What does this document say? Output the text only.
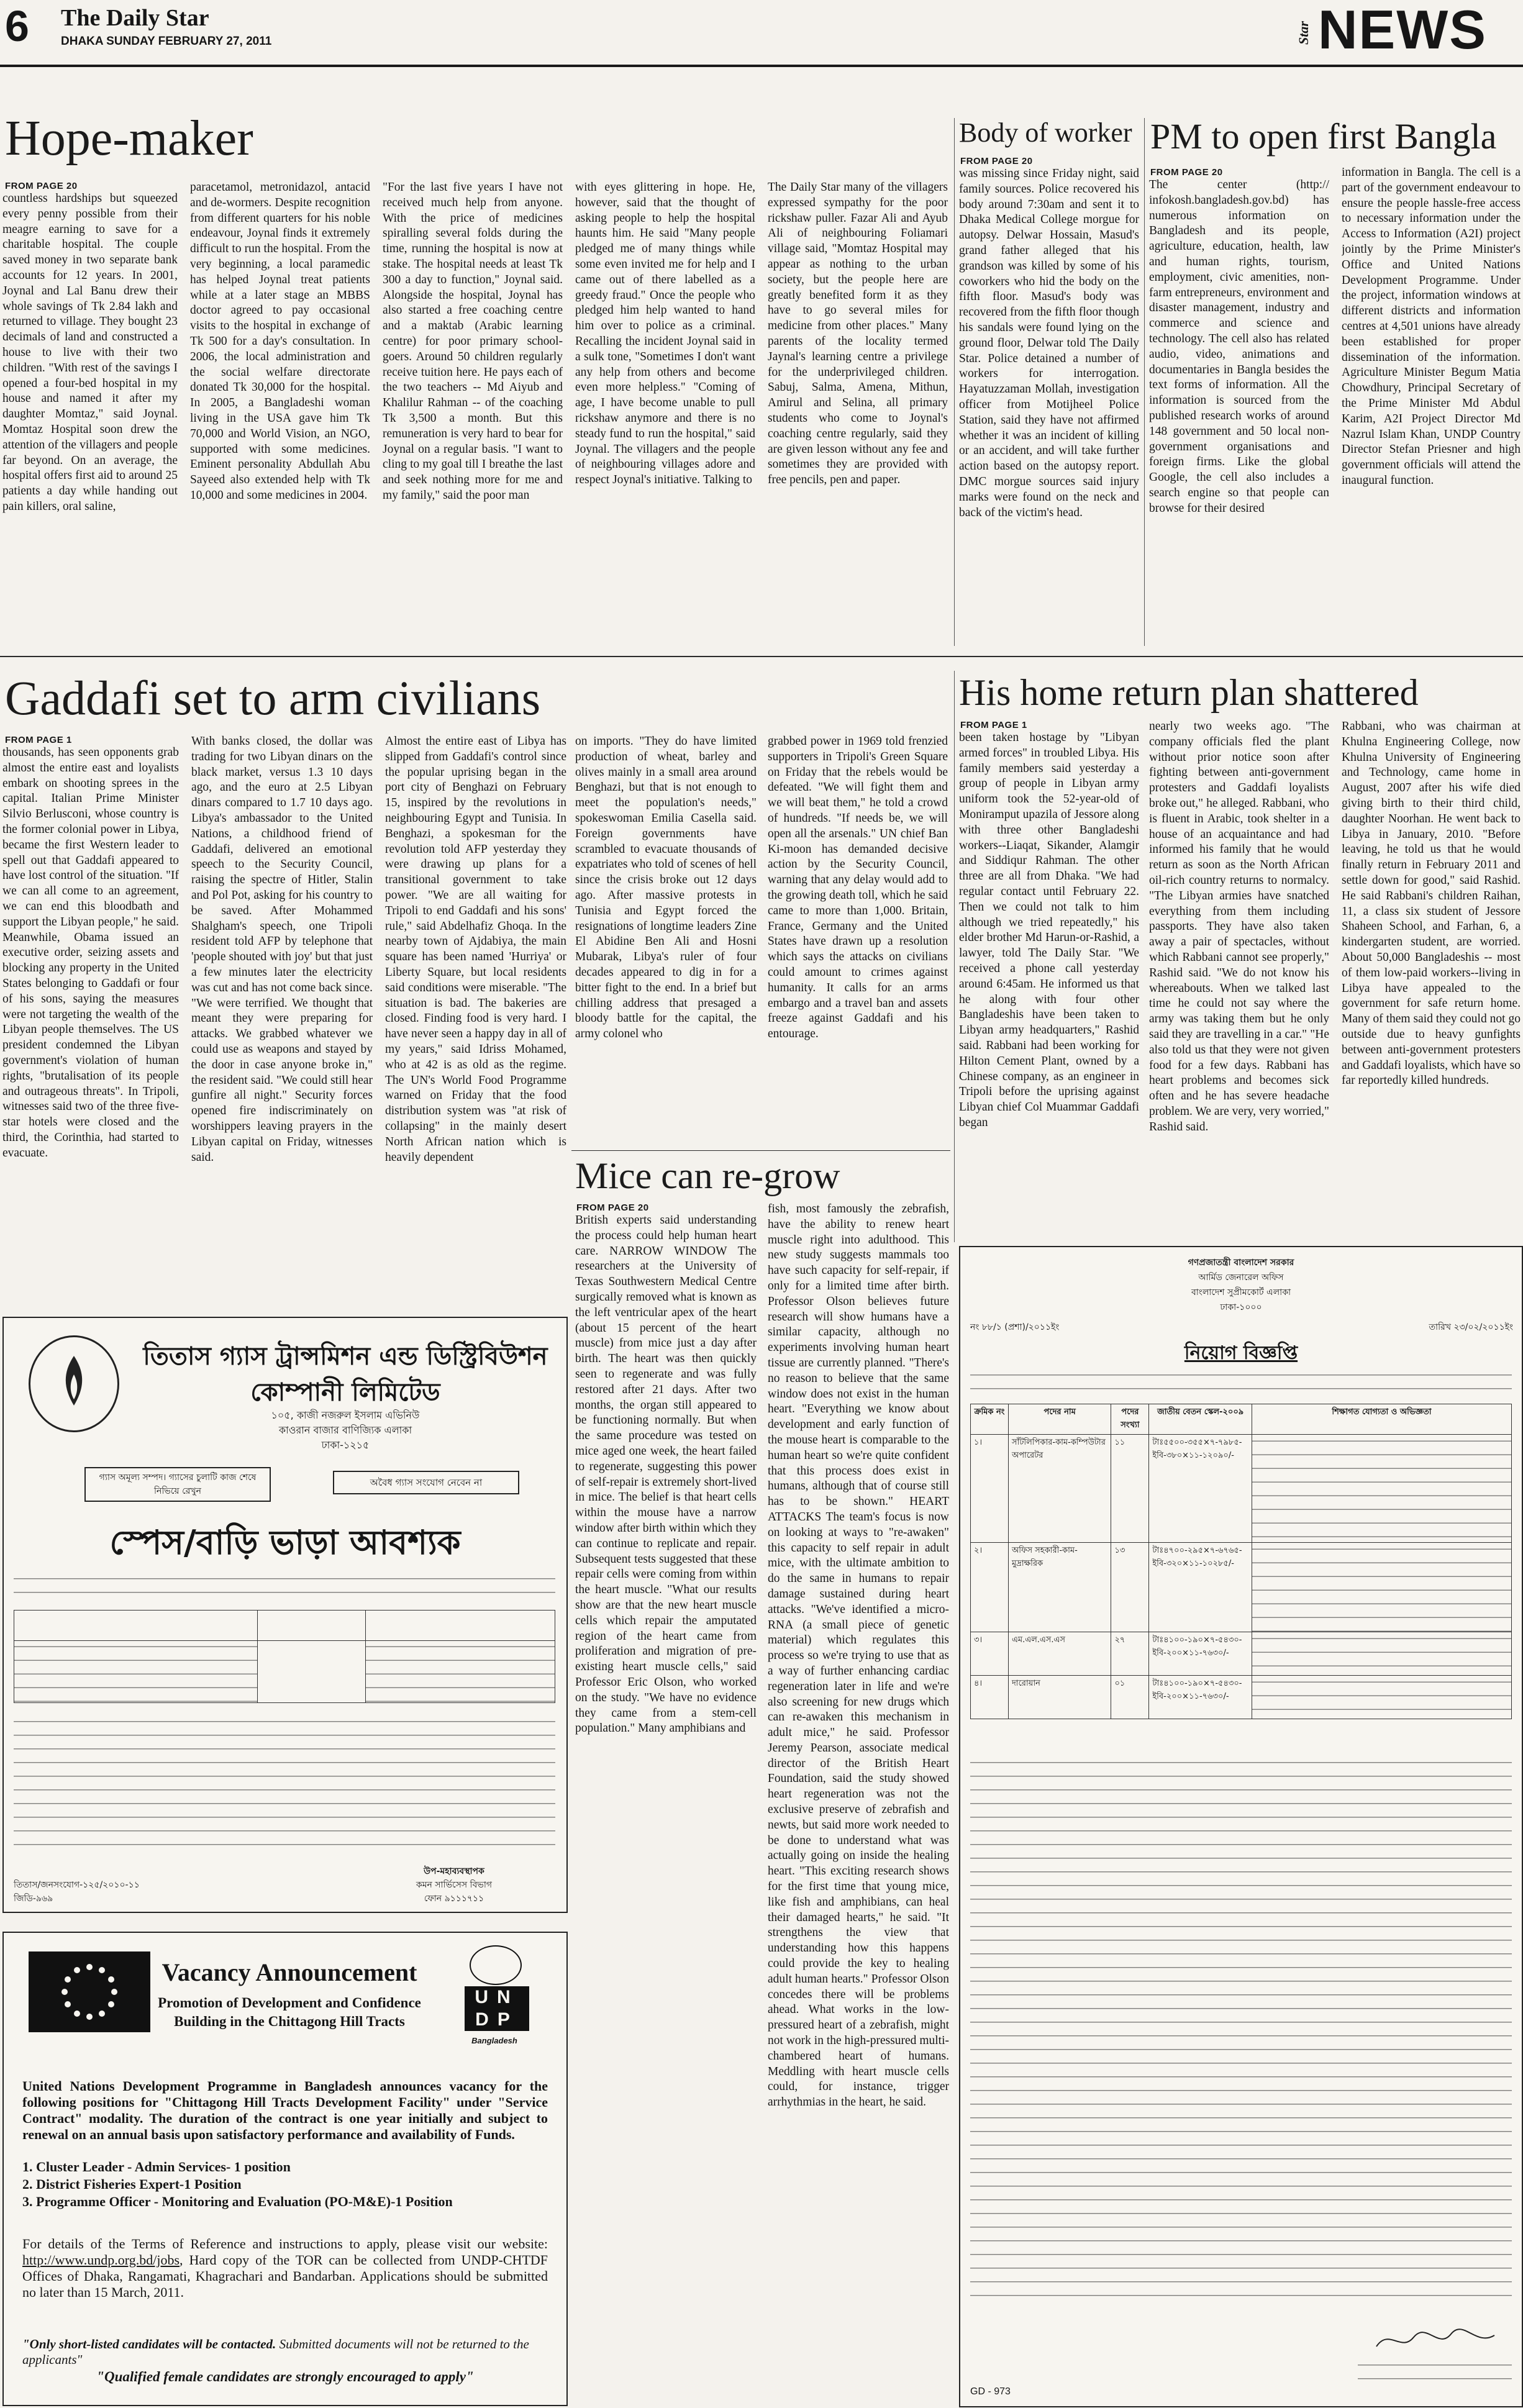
6 The Daily Star
DHAKA SUNDAY FEBRUARY 27, 2011	Star NEWS
Hope-maker
FROM PAGE 20
countless hardships but squeezed every penny possible from their meagre earning to save for a charitable hospital. The couple saved money in two separate bank accounts for 12 years. In 2001, Joynal and Lal Banu drew their whole savings of Tk 2.84 lakh and returned to village. They bought 23 decimals of land and constructed a house to live with their two children. "With rest of the savings I opened a four-bed hospital in my house and named it after my daughter Momtaz," said Joynal. Momtaz Hospital soon drew the attention of the villagers and people far beyond. On an average, the hospital offers first aid to around 25 patients a day while handing out pain killers, oral saline,
paracetamol, metronidazol, antacid and de-wormers. Despite recognition from different quarters for his noble endeavour, Joynal finds it extremely difficult to run the hospital. From the very beginning, a local paramedic has helped Joynal treat patients while at a later stage an MBBS doctor agreed to pay occasional visits to the hospital in exchange of Tk 500 for a day's consultation. In 2006, the local administration and the social welfare directorate donated Tk 30,000 for the hospital. In 2005, a Bangladeshi woman living in the USA gave him Tk 70,000 and World Vision, an NGO, supported with some medicines. Eminent personality Abdullah Abu Sayeed also extended help with Tk 10,000 and some medicines in 2004.
"For the last five years I have not received much help from anyone. With the price of medicines spiralling several folds during the time, running the hospital is now at stake. The hospital needs at least Tk 300 a day to function," Joynal said. Alongside the hospital, Joynal has also started a free coaching centre and a maktab (Arabic learning centre) for poor primary school-goers. Around 50 children regularly receive tuition here. He pays each of the two teachers -- Md Aiyub and Khalilur Rahman -- of the coaching Tk 3,500 a month. But this remuneration is very hard to bear for Joynal on a regular basis. "I want to cling to my goal till I breathe the last and seek nothing more for me and my family," said the poor man
with eyes glittering in hope. He, however, said that the thought of asking people to help the hospital haunts him. He said "Many people pledged me of many things while some even invited me for help and I came out of there labelled as a greedy fraud." Once the people who pledged him help wanted to hand him over to police as a criminal. Recalling the incident Joynal said in a sulk tone, "Sometimes I don't want any help from others and become even more helpless." "Coming of age, I have become unable to pull rickshaw anymore and there is no steady fund to run the hospital," said Joynal. The villagers and the people of neighbouring villages adore and respect Joynal's initiative. Talking to
The Daily Star many of the villagers expressed sympathy for the poor rickshaw puller. Fazar Ali and Ayub Ali of neighbouring Foliamari village said, "Momtaz Hospital may appear as nothing to the urban society, but the people here are greatly benefited form it as they have to go several miles for medicine from other places." Many parents of the locality termed Jaynal's learning centre a privilege for the underprivileged children. Sabuj, Salma, Amena, Mithun, Amirul and Selina, all primary students who come to Joynal's coaching centre regularly, said they are given lesson without any fee and sometimes they are provided with free pencils, pen and paper.
Body of worker
FROM PAGE 20
was missing since Friday night, said family sources. Police recovered his body around 7:30am and sent it to Dhaka Medical College morgue for autopsy. Delwar Hossain, Masud's grand father alleged that his grandson was killed by some of his coworkers who hid the body on the fifth floor. Masud's body was recovered from the fifth floor though his sandals were found lying on the ground floor, Delwar told The Daily Star. Police detained a number of workers for interrogation. Hayatuzzaman Mollah, investigation officer from Motijheel Police Station, said they have not affirmed whether it was an incident of killing or an accident, and will take further action based on the autopsy report. DMC morgue sources said injury marks were found on the neck and back of the victim's head.
PM to open first Bangla
FROM PAGE 20
The center (http:// infokosh.bangladesh.gov.bd) has numerous information on Bangladesh and its people, agriculture, education, health, law and human rights, tourism, employment, civic amenities, non-farm entrepreneurs, environment and disaster management, industry and commerce and science and technology. The cell also has related audio, video, animations and documentaries in Bangla besides the text forms of information. All the information is sourced from the published research works of around 148 government and 50 local non-government organisations and foreign firms. Like the global Google, the cell also includes a search engine so that people can browse for their desired
information in Bangla. The cell is a part of the government endeavour to ensure the people hassle-free access to necessary information under the Access to Information (A2I) project jointly by the Prime Minister's Office and United Nations Development Programme. Under the project, information windows at different districts and information centres at 4,501 unions have already been established for proper dissemination of the information. Agriculture Minister Begum Matia Chowdhury, Principal Secretary of the Prime Minister Md Abdul Karim, A2I Project Director Md Nazrul Islam Khan, UNDP Country Director Stefan Priesner and high government officials will attend the inaugural function.
Gaddafi set to arm civilians
FROM PAGE 1
thousands, has seen opponents grab almost the entire east and loyalists embark on shooting sprees in the capital. Italian Prime Minister Silvio Berlusconi, whose country is the former colonial power in Libya, became the first Western leader to spell out that Gaddafi appeared to have lost control of the situation. "If we can all come to an agreement, we can end this bloodbath and support the Libyan people," he said. Meanwhile, Obama issued an executive order, seizing assets and blocking any property in the United States belonging to Gaddafi or four of his sons, saying the measures were not targeting the wealth of the Libyan people themselves. The US president condemned the Libyan government's violation of human rights, "brutalisation of its people and outrageous threats". In Tripoli, witnesses said two of the three five-star hotels were closed and the third, the Corinthia, had started to evacuate.
With banks closed, the dollar was trading for two Libyan dinars on the black market, versus 1.3 10 days ago, and the euro at 2.5 Libyan dinars compared to 1.7 10 days ago. Libya's ambassador to the United Nations, a childhood friend of Gaddafi, delivered an emotional speech to the Security Council, raising the spectre of Hitler, Stalin and Pol Pot, asking for his country to be saved. After Mohammed Shalgham's speech, one Tripoli resident told AFP by telephone that 'people shouted with joy' but that just a few minutes later the electricity was cut and has not come back since. "We were terrified. We thought that meant they were preparing for attacks. We grabbed whatever we could use as weapons and stayed by the door in case anyone broke in," the resident said. "We could still hear gunfire all night." Security forces opened fire indiscriminately on worshippers leaving prayers in the Libyan capital on Friday, witnesses said.
Almost the entire east of Libya has slipped from Gaddafi's control since the popular uprising began in the port city of Benghazi on February 15, inspired by the revolutions in neighbouring Egypt and Tunisia. In Benghazi, a spokesman for the revolution told AFP yesterday they were drawing up plans for a transitional government to take power. "We are all waiting for Tripoli to end Gaddafi and his sons' rule," said Abdelhafiz Ghoqa. In the nearby town of Ajdabiya, the main square has been named 'Hurriya' or Liberty Square, but local residents said conditions were miserable. "The situation is bad. The bakeries are closed. Finding food is very hard. I have never seen a happy day in all of my years," said Idriss Mohamed, who at 42 is as old as the regime. The UN's World Food Programme warned on Friday that the food distribution system was "at risk of collapsing" in the mainly desert North African nation which is heavily dependent
on imports. "They do have limited production of wheat, barley and olives mainly in a small area around Benghazi, but that is not enough to meet the population's needs," spokeswoman Emilia Casella said. Foreign governments have scrambled to evacuate thousands of expatriates who told of scenes of hell since the crisis broke out 12 days ago. After massive protests in Tunisia and Egypt forced the resignations of longtime leaders Zine El Abidine Ben Ali and Hosni Mubarak, Libya's ruler of four decades appeared to dig in for a bitter fight to the end. In a brief but chilling address that presaged a bloody battle for the capital, the army colonel who
grabbed power in 1969 told frenzied supporters in Tripoli's Green Square on Friday that the rebels would be defeated. "We will fight them and we will beat them," he told a crowd of hundreds. "If needs be, we will open all the arsenals." UN chief Ban Ki-moon has demanded decisive action by the Security Council, warning that any delay would add to the growing death toll, which he said came to more than 1,000. Britain, France, Germany and the United States have drawn up a resolution which says the attacks on civilians could amount to crimes against humanity. It calls for an arms embargo and a travel ban and assets freeze against Gaddafi and his entourage.
His home return plan shattered
FROM PAGE 1
been taken hostage by "Libyan armed forces" in troubled Libya. His family members said yesterday a group of people in Libyan army uniform took the 52-year-old of Moniramput upazila of Jessore along with three other Bangladeshi workers--Liaqat, Sikander, Alamgir and Siddiqur Rahman. The other three are all from Dhaka. "We had regular contact until February 22. Then we could not talk to him although we tried repeatedly," his elder brother Md Harun-or-Rashid, a lawyer, told The Daily Star. "We received a phone call yesterday around 6:45am. He informed us that he along with four other Bangladeshis have been taken to Libyan army headquarters," Rashid said. Rabbani had been working for Hilton Cement Plant, owned by a Chinese company, as an engineer in Tripoli before the uprising against Libyan chief Col Muammar Gaddafi began
nearly two weeks ago. "The company officials fled the plant without prior notice soon after fighting between anti-government protesters and Gaddafi loyalists broke out," he alleged. Rabbani, who is fluent in Arabic, took shelter in a house of an acquaintance and had informed his family that he would return as soon as the North African oil-rich country returns to normalcy. "The Libyan armies have snatched everything from them including passports. They have also taken away a pair of spectacles, without which Rabbani cannot see properly," Rashid said. "We do not know his whereabouts. When we talked last time he could not say where the army was taking them but he only said they are travelling in a car." "He also told us that they were not given food for a few days. Rabbani has heart problems and becomes sick often and he has severe headache problem. We are very, very worried," Rashid said.
Rabbani, who was chairman at Khulna Engineering College, now Khulna University of Engineering and Technology, came home in August, 2007 after his wife died giving birth to their third child, daughter Noorhan. He went back to Libya in January, 2010. "Before leaving, he told us that he would finally return in February 2011 and settle down for good," said Rashid. He said Rabbani's children Raihan, 11, a class six student of Jessore Shaheen School, and Farhan, 6, a kindergarten student, are worried. About 50,000 Bangladeshis -- most of them low-paid workers--living in Libya have appealed to the government for safe return home. Many of them said they could not go outside due to heavy gunfights between anti-government protesters and Gaddafi loyalists, which have so far reportedly killed hundreds.
Mice can re-grow
FROM PAGE 20
British experts said understanding the process could help human heart care. NARROW WINDOW The researchers at the University of Texas Southwestern Medical Centre surgically removed what is known as the left ventricular apex of the heart (about 15 percent of the heart muscle) from mice just a day after birth. The heart was then quickly seen to regenerate and was fully restored after 21 days. After two months, the organ still appeared to be functioning normally. But when the same procedure was tested on mice aged one week, the heart failed to regenerate, suggesting this power of self-repair is extremely short-lived in mice. The belief is that heart cells within the mouse have a narrow window after birth within which they can continue to replicate and repair. Subsequent tests suggested that these repair cells were coming from within the heart muscle. "What our results show are that the new heart muscle cells which repair the amputated region of the heart came from proliferation and migration of pre-existing heart muscle cells," said Professor Eric Olson, who worked on the study. "We have no evidence they came from a stem-cell population." Many amphibians and
fish, most famously the zebrafish, have the ability to renew heart muscle right into adulthood. This new study suggests mammals too have such capacity for self-repair, if only for a limited time after birth. Professor Olson believes future research will show humans have a similar capacity, although no experiments involving human heart tissue are currently planned. "There's no reason to believe that the same window does not exist in the human heart. "Everything we know about development and early function of the mouse heart is comparable to the human heart so we're quite confident that this process does exist in humans, although that of course still has to be shown." HEART ATTACKS The team's focus is now on looking at ways to "re-awaken" this capacity to self repair in adult mice, with the ultimate ambition to do the same in humans to repair damage sustained during heart attacks. "We've identified a micro-RNA (a small piece of genetic material) which regulates this process so we're trying to use that as a way of further enhancing cardiac regeneration later in life and we're also screening for new drugs which can re-awaken this mechanism in adult mice," he said. Professor Jeremy Pearson, associate medical director of the British Heart Foundation, said the study showed heart regeneration was not the exclusive preserve of zebrafish and newts, but said more work needed to be done to understand what was actually going on inside the healing heart. "This exciting research shows for the first time that young mice, like fish and amphibians, can heal their damaged hearts," he said. "It strengthens the view that understanding how this happens could provide the key to healing adult human hearts." Professor Olson concedes there will be problems ahead. What works in the low-pressured heart of a zebrafish, might not work in the high-pressured multi-chambered heart of humans. Meddling with heart muscle cells could, for instance, trigger arrhythmias in the heart, he said.
তিতাস গ্যাস ট্রান্সমিশন এন্ড ডিস্ট্রিবিউশন
কোম্পানী লিমিটেড
১০৫, কাজী নজরুল ইসলাম এভিনিউ
কাওরান বাজার বাণিজ্যিক এলাকা
ঢাকা-১২১৫
গ্যাস অমূল্য সম্পদ। গ্যাসের চুলাটি কাজ শেষে নিভিয়ে রেখুন
অবৈধ গ্যাস সংযোগ নেবেন না
স্পেস/বাড়ি ভাড়া আবশ্যক

উপ-মহাব্যবস্থাপক
কমন সার্ভিসেস বিভাগ
ফোন ৯১১১৭১১
তিতাস/জনসংযোগ-১২৫/২০১০-১১
জিডি-৯৬৯
Vacancy Announcement
Promotion of Development and Confidence
Building in the Chittagong Hill Tracts
UNDP
Bangladesh
United Nations Development Programme in Bangladesh announces vacancy for the following positions for "Chittagong Hill Tracts Development Facility" under "Service Contract" modality. The duration of the contract is one year initially and subject to renewal on an annual basis upon satisfactory performance and availability of Funds.
1. Cluster Leader - Admin Services- 1 position
2. District Fisheries Expert-1 Position
3. Programme Officer - Monitoring and Evaluation (PO-M&E)-1 Position
For details of the Terms of Reference and instructions to apply, please visit our website: http://www.undp.org.bd/jobs, Hard copy of the TOR can be collected from UNDP-CHTDF Offices of Dhaka, Rangamati, Khagrachari and Bandarban. Applications should be submitted no later than 15 March, 2011.
"Only short-listed candidates will be contacted. Submitted documents will not be returned to the applicants"
"Qualified female candidates are strongly encouraged to apply"
গণপ্রজাতন্ত্রী বাংলাদেশ সরকার
আর্মিড জেনারেল অফিস
বাংলাদেশ সুপ্রীমকোর্ট এলাকা
ঢাকা-১০০০
নং ৮৮/১ (প্রশা)/২০১১ইং	তারিখ ২৩/০২/২০১১ইং
নিয়োগ বিজ্ঞপ্তি
ক্রমিক নং	পদের নাম	পদের সংখ্যা	জাতীয় বেতন স্কেল-২০০৯	শিক্ষাগত যোগ্যতা ও অভিজ্ঞতা
১।	সাঁটলিপিকার-কাম-কম্পিউটার অপারেটর	১১	টাঃ৫৫০০-৩৫৫×৭-৭৯৮৫-ইবি-৩৮০×১১-১২০৯০/-	
২।	অফিস সহকারী-কাম-মুদ্রাক্ষরিক	১৩	টাঃ৪৭০০-২৯৫×৭-৬৭৬৫-ইবি-৩২০×১১-১০২৮৫/-	
৩।	এম.এল.এস.এস	২৭	টাঃ৪১০০-১৯০×৭-৫৪৩০-ইবি-২০০×১১-৭৬৩০/-	
৪।	দারোয়ান	০১	টাঃ৪১০০-১৯০×৭-৫৪৩০-ইবি-২০০×১১-৭৬৩০/-	
GD - 973
